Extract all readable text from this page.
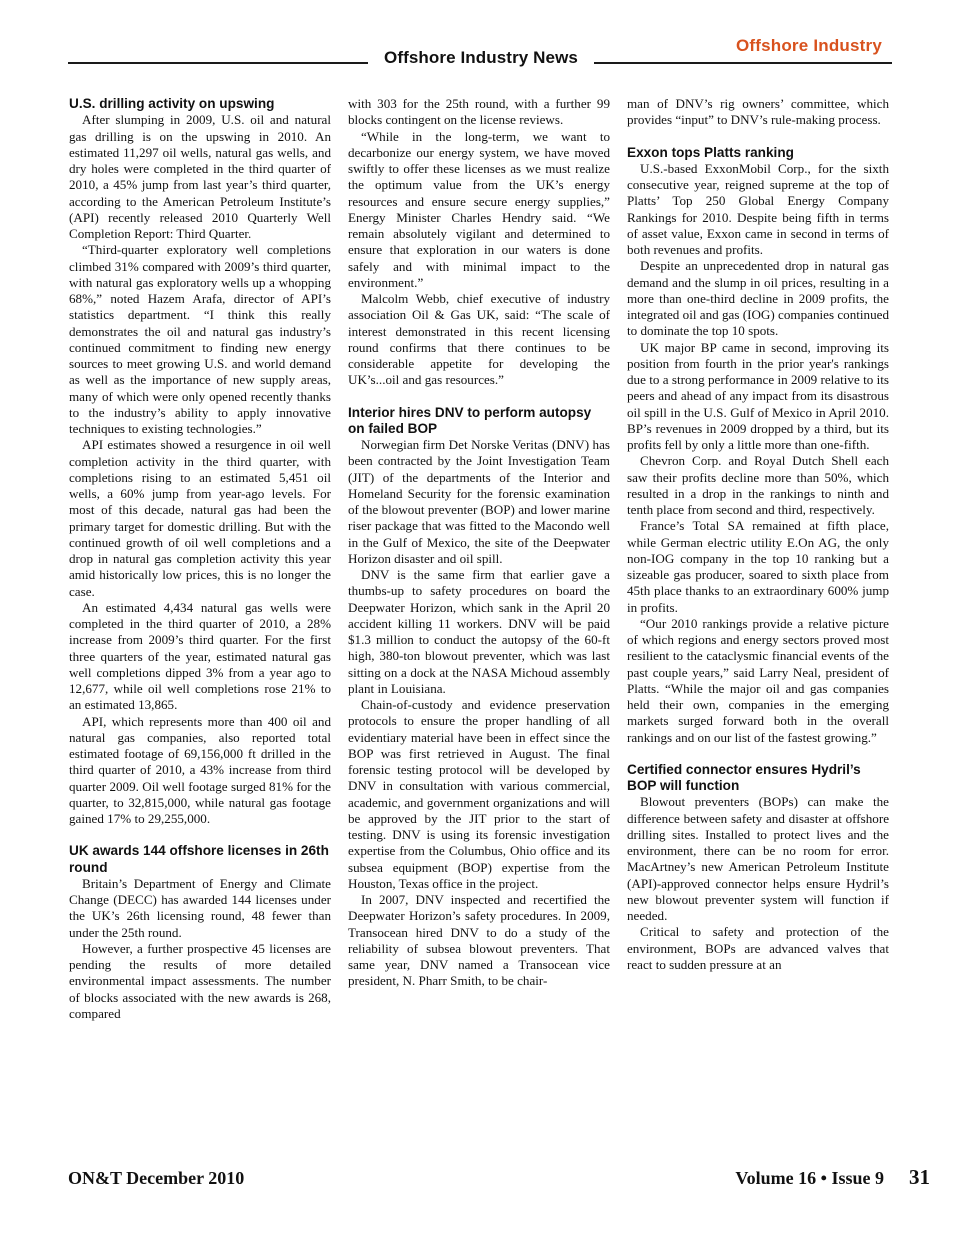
Offshore Industry
Offshore Industry News
U.S. drilling activity on upswing

After slumping in 2009, U.S. oil and natural gas drilling is on the upswing in 2010. An estimated 11,297 oil wells, natural gas wells, and dry holes were completed in the third quarter of 2010, a 45% jump from last year’s third quarter, according to the American Petroleum Institute’s (API) recently released 2010 Quarterly Well Completion Report: Third Quarter.

“Third-quarter exploratory well completions climbed 31% compared with 2009’s third quarter, with natural gas exploratory wells up a whopping 68%,” noted Hazem Arafa, director of API’s statistics department. “I think this really demonstrates the oil and natural gas industry’s continued commitment to finding new energy sources to meet growing U.S. and world demand as well as the importance of new supply areas, many of which were only opened recently thanks to the industry’s ability to apply innovative techniques to existing technologies.”

API estimates showed a resurgence in oil well completion activity in the third quarter, with completions rising to an estimated 5,451 oil wells, a 60% jump from year-ago levels. For most of this decade, natural gas had been the primary target for domestic drilling. But with the continued growth of oil well completions and a drop in natural gas completion activity this year amid historically low prices, this is no longer the case.

An estimated 4,434 natural gas wells were completed in the third quarter of 2010, a 28% increase from 2009’s third quarter. For the first three quarters of the year, estimated natural gas well completions dipped 3% from a year ago to 12,677, while oil well completions rose 21% to an estimated 13,865.

API, which represents more than 400 oil and natural gas companies, also reported total estimated footage of 69,156,000 ft drilled in the third quarter of 2010, a 43% increase from third quarter 2009. Oil well footage surged 81% for the quarter, to 32,815,000, while natural gas footage gained 17% to 29,255,000.

UK awards 144 offshore licenses in 26th round

Britain’s Department of Energy and Climate Change (DECC) has awarded 144 licenses under the UK’s 26th licensing round, 48 fewer than under the 25th round.

However, a further prospective 45 licenses are pending the results of more detailed environmental impact assessments. The number of blocks associated with the new awards is 268, compared

with 303 for the 25th round, with a further 99 blocks contingent on the license reviews.

“While in the long-term, we want to decarbonize our energy system, we have moved swiftly to offer these licenses as we must realize the optimum value from the UK’s energy resources and ensure secure energy supplies,” Energy Minister Charles Hendry said. “We remain absolutely vigilant and determined to ensure that exploration in our waters is done safely and with minimal impact to the environment.”

Malcolm Webb, chief executive of industry association Oil & Gas UK, said: “The scale of interest demonstrated in this recent licensing round confirms that there continues to be considerable appetite for developing the UK’s...oil and gas resources.”

Interior hires DNV to perform autopsy on failed BOP

Norwegian firm Det Norske Veritas (DNV) has been contracted by the Joint Investigation Team (JIT) of the departments of the Interior and Homeland Security for the forensic examination of the blowout preventer (BOP) and lower marine riser package that was fitted to the Macondo well in the Gulf of Mexico, the site of the Deepwater Horizon disaster and oil spill.

DNV is the same firm that earlier gave a thumbs-up to safety procedures on board the Deepwater Horizon, which sank in the April 20 accident killing 11 workers. DNV will be paid $1.3 million to conduct the autopsy of the 60-ft high, 380-ton blowout preventer, which was last sitting on a dock at the NASA Michoud assembly plant in Louisiana.

Chain-of-custody and evidence preservation protocols to ensure the proper handling of all evidentiary material have been in effect since the BOP was first retrieved in August. The final forensic testing protocol will be developed by DNV in consultation with various commercial, academic, and government organizations and will be approved by the JIT prior to the start of testing. DNV is using its forensic investigation expertise from the Columbus, Ohio office and its subsea equipment (BOP) expertise from the Houston, Texas office in the project.

In 2007, DNV inspected and recertified the Deepwater Horizon’s safety procedures. In 2009, Transocean hired DNV to do a study of the reliability of subsea blowout preventers. That same year, DNV named a Transocean vice president, N. Pharr Smith, to be chair-

man of DNV’s rig owners’ committee, which provides “input” to DNV’s rule-making process.

Exxon tops Platts ranking

U.S.-based ExxonMobil Corp., for the sixth consecutive year, reigned supreme at the top of Platts’ Top 250 Global Energy Company Rankings for 2010. Despite being fifth in terms of asset value, Exxon came in second in terms of both revenues and profits.

Despite an unprecedented drop in natural gas demand and the slump in oil prices, resulting in a more than one-third decline in 2009 profits, the integrated oil and gas (IOG) companies continued to dominate the top 10 spots.

UK major BP came in second, improving its position from fourth in the prior year's rankings due to a strong performance in 2009 relative to its peers and ahead of any impact from its disastrous oil spill in the U.S. Gulf of Mexico in April 2010. BP’s revenues in 2009 dropped by a third, but its profits fell by only a little more than one-fifth.

Chevron Corp. and Royal Dutch Shell each saw their profits decline more than 50%, which resulted in a drop in the rankings to ninth and tenth place from second and third, respectively.

France’s Total SA remained at fifth place, while German electric utility E.On AG, the only non-IOG company in the top 10 ranking but a sizeable gas producer, soared to sixth place from 45th place thanks to an extraordinary 600% jump in profits.

“Our 2010 rankings provide a relative picture of which regions and energy sectors proved most resilient to the cataclysmic financial events of the past couple years,” said Larry Neal, president of Platts. “While the major oil and gas companies held their own, companies in the emerging markets surged forward both in the overall rankings and on our list of the fastest growing.”

Certified connector ensures Hydril’s BOP will function

Blowout preventers (BOPs) can make the difference between safety and disaster at offshore drilling sites. Installed to protect lives and the environment, there can be no room for error. MacArtney’s new American Petroleum Institute (API)-approved connector helps ensure Hydril’s new blowout preventer system will function if needed.

Critical to safety and protection of the environment, BOPs are advanced valves that react to sudden pressure at an

ON&T December 2010	Volume 16 • Issue 9 31
